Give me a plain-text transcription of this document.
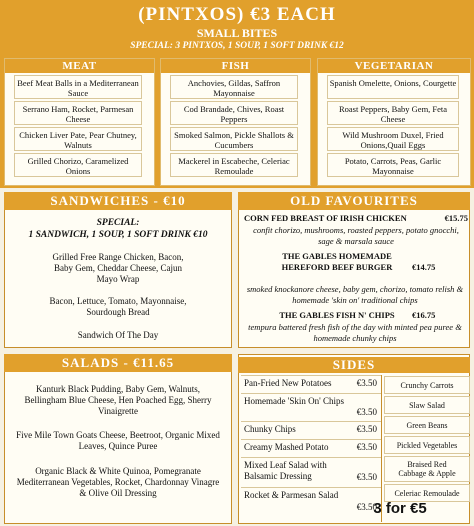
(PINTXOS) €3 EACH
SMALL BITES
SPECIAL: 3 PINTXOS, 1 SOUP, 1 SOFT DRINK €12
MEAT
Beef Meat Balls in a Mediterranean Sauce
Serrano Ham, Rocket, Parmesan Cheese
Chicken Liver Pate, Pear Chutney, Walnuts
Grilled Chorizo, Caramelized Onions
FISH
Anchovies, Gildas, Saffron Mayonnaise
Cod Brandade, Chives, Roast Peppers
Smoked Salmon, Pickle Shallots & Cucumbers
Mackerel in Escabeche, Celeriac Remoulade
VEGETARIAN
Spanish Omelette, Onions, Courgette
Roast Peppers, Baby Gem, Feta Cheese
Wild Mushroom Duxel, Fried Onions,Quail Eggs
Potato, Carrots, Peas, Garlic Mayonnaise
SANDWICHES - €10
SPECIAL:
1 SANDWICH, 1 SOUP, 1 SOFT DRINK €10
Grilled Free Range Chicken, Bacon, Baby Gem, Cheddar Cheese, Cajun Mayo Wrap
Bacon, Lettuce, Tomato, Mayonnaise, Sourdough Bread
Sandwich Of The Day
OLD FAVOURITES
CORN FED BREAST OF IRISH CHICKEN	€15.75
confit chorizo, mushrooms, roasted peppers, potato gnocchi, sage & marsala sauce
THE GABLES HOMEMADE HEREFORD BEEF BURGER	€14.75
smoked knockanore cheese, baby gem, chorizo, tomato relish & homemade 'skin on' traditional chips
THE GABLES FISH N' CHIPS	€16.75
tempura battered fresh fish of the day with minted pea puree & homemade chunky chips
SALADS - €11.65
Kanturk Black Pudding, Baby Gem, Walnuts, Bellingham Blue Cheese, Hen Poached Egg, Sherry Vinaigrette
Five Mile Town Goats Cheese, Beetroot, Organic Mixed Leaves, Quince Puree
Organic Black & White Quinoa, Pomegranate Mediterranean Vegetables, Rocket, Chardonnay Vinagre & Olive Oil Dressing
SIDES
Pan-Fried New Potatoes	€3.50
Homemade 'Skin On' Chips
€3.50
Chunky Chips	€3.50
Creamy Mashed Potato	€3.50
Mixed Leaf Salad with Balsamic Dressing	€3.50
Rocket & Parmesan Salad
€3.50
Crunchy Carrots
Slaw Salad
Green Beans
Pickled Vegetables
Braised Red Cabbage & Apple
Celeriac Remoulade
3 for €5
